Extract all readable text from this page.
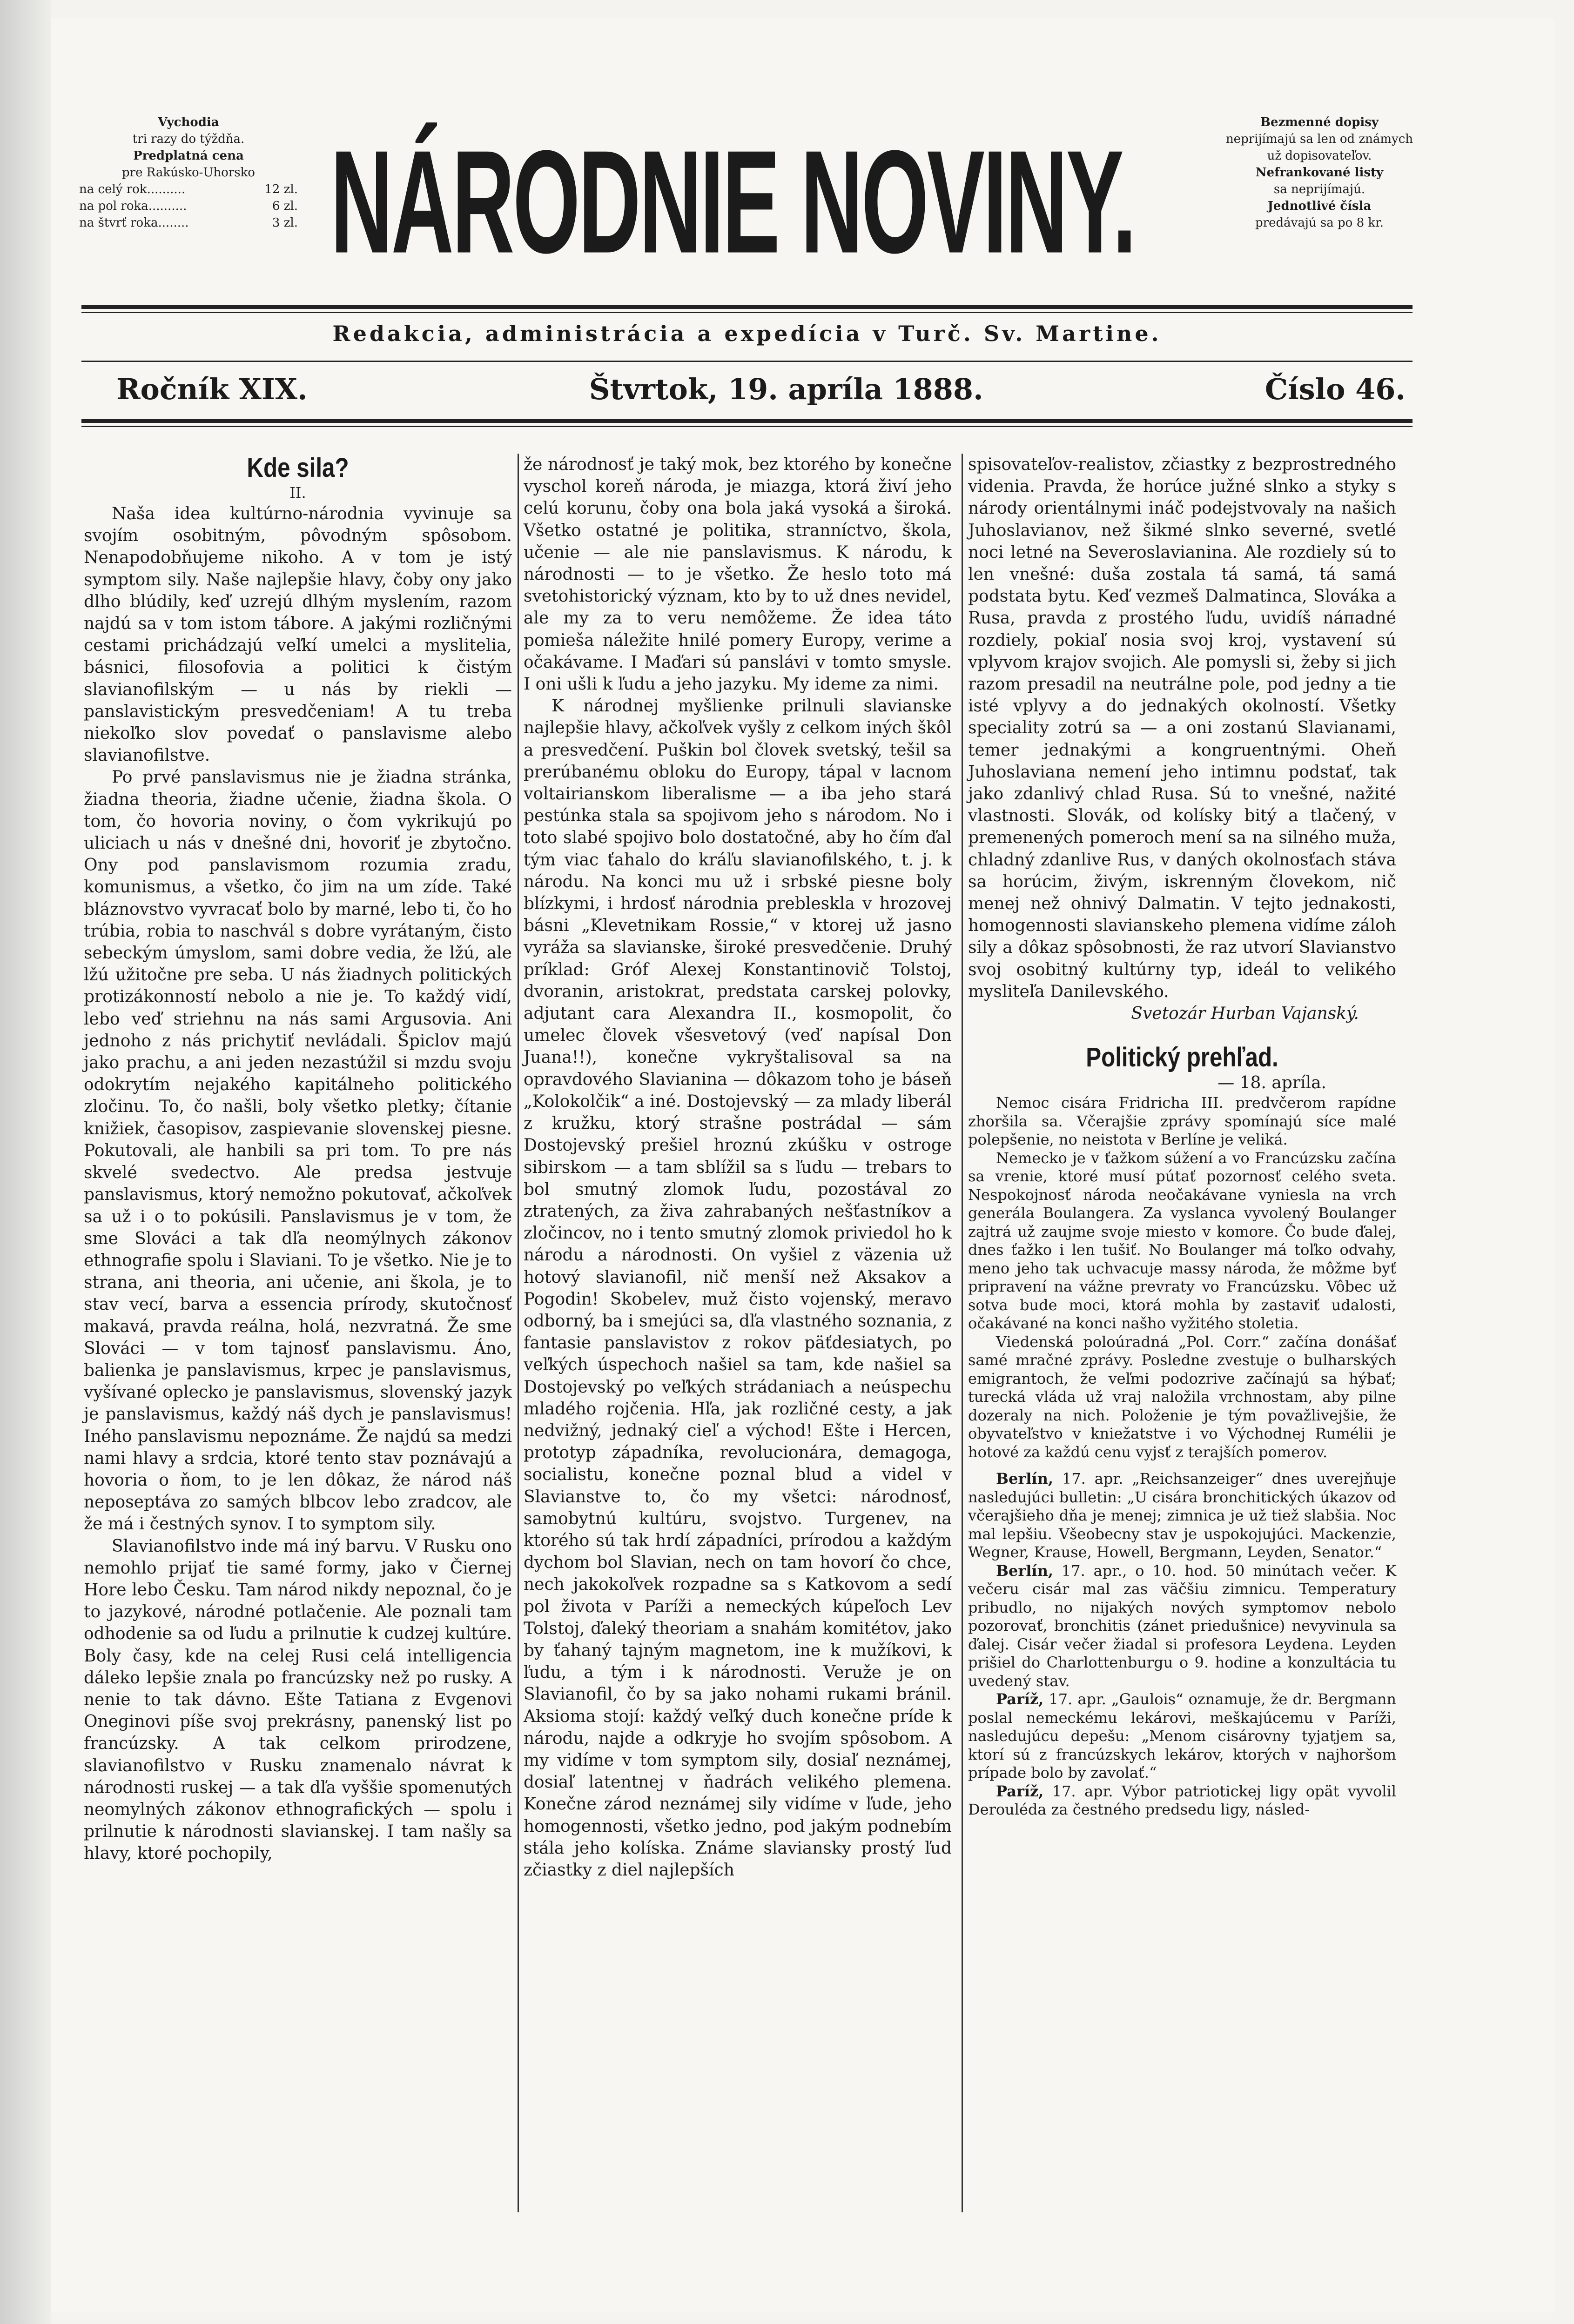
Vychodia
tri razy do týždňa.
Predplatná cena
pre Rakúsko-Uhorsko
na celý rok..........	12 zl.
na pol roka..........	6 zl.
na štvrť roka........	3 zl. NÁRODNIE NOVINY.	Bezmenné dopisy
neprijímajú sa len od známych
už dopisovateľov.
Nefrankované listy
sa neprijímajú.
Jednotlivé čísla
predávajú sa po 8 kr.
Redakcia, administrácia a expedícia v Turč. Sv. Martine.
Ročník XIX.	Štvrtok, 19. apríla 1888.	Číslo 46.
Kde sila?
II.

Naša idea kultúrno-národnia vyvinuje sa svojím osobitným, pôvodným spôsobom. Nenapodobňujeme nikoho. A v tom je istý symptom sily. Naše najlepšie hlavy, čoby ony jako dlho blúdily, keď uzrejú dlhým myslením, razom najdú sa v tom istom tábore. A jakými rozličnými cestami prichádzajú veľkí umelci a myslitelia, básnici, filosofovia a politici k čistým slavianofilským — u nás by riekli — panslavistickým presvedčeniam! A tu treba niekoľko slov povedať o panslavisme alebo slavianofilstve.

Po prvé panslavismus nie je žiadna stránka, žiadna theoria, žiadne učenie, žiadna škola. O tom, čo hovoria noviny, o čom vykrikujú po uliciach u nás v dnešné dni, hovoriť je zbytočno. Ony pod panslavismom rozumia zradu, komunismus, a všetko, čo jim na um zíde. Také bláznovstvo vyvracať bolo by marné, lebo ti, čo ho trúbia, robia to naschvál s dobre vyrátaným, čisto sebeckým úmyslom, sami dobre vedia, že lžú, ale lžú užitočne pre seba. U nás žiadnych politických protizákonností nebolo a nie je. To každý vidí, lebo veď striehnu na nás sami Argusovia. Ani jednoho z nás prichytiť nevládali. Špiclov majú jako prachu, a ani jeden nezastúžil si mzdu svoju odokrytím nejakého kapitálneho politického zločinu. To, čo našli, boly všetko pletky; čítanie knižiek, časopisov, zaspievanie slovenskej piesne. Pokutovali, ale hanbili sa pri tom. To pre nás skvelé svedectvo. Ale predsa jestvuje panslavismus, ktorý nemožno pokutovať, ačkoľvek sa už i o to pokúsili. Panslavismus je v tom, že sme Slováci a tak dľa neomýlnych zákonov ethnografie spolu i Slaviani. To je všetko. Nie je to strana, ani theoria, ani učenie, ani škola, je to stav vecí, barva a essencia prírody, skutočnosť makavá, pravda reálna, holá, nezvratná. Že sme Slováci — v tom tajnosť panslavismu. Áno, balienka je panslavismus, krpec je panslavismus, vyšívané oplecko je panslavismus, slovenský jazyk je panslavismus, každý náš dych je panslavismus! Iného panslavismu nepoznáme. Že najdú sa medzi nami hlavy a srdcia, ktoré tento stav poznávajú a hovoria o ňom, to je len dôkaz, že národ náš neposeptáva zo samých blbcov lebo zradcov, ale že má i čestných synov. I to symptom sily.

Slavianofilstvo inde má iný barvu. V Rusku ono nemohlo prijať tie samé formy, jako v Čiernej Hore lebo Česku. Tam národ nikdy nepoznal, čo je to jazykové, národné potlačenie. Ale poznali tam odhodenie sa od ľudu a prilnutie k cudzej kultúre. Boly časy, kde na celej Rusi celá intelligencia dáleko lepšie znala po francúzsky než po rusky. A nenie to tak dávno. Ešte Tatiana z Evgenovi Oneginovi píše svoj prekrásny, panenský list po francúzsky. A tak celkom prirodzene, slavianofilstvo v Rusku znamenalo návrat k národnosti ruskej — a tak dľa vyššie spomenutých neomylných zákonov ethnografických — spolu i prilnutie k národnosti slavianskej. I tam našly sa hlavy, ktoré pochopily,

že národnosť je taký mok, bez ktorého by konečne vyschol koreň národa, je miazga, ktorá živí jeho celú korunu, čoby ona bola jaká vysoká a široká. Všetko ostatné je politika, stranníctvo, škola, učenie — ale nie panslavismus. K národu, k národnosti — to je všetko. Že heslo toto má svetohistorický význam, kto by to už dnes nevidel, ale my za to veru nemôžeme. Že idea táto pomiešа náležite hnilé pomery Europy, verime a očakávame. I Maďari sú panslávi v tomto smysle. I oni ušli k ľudu a jeho jazyku. My ideme za nimi.

K národnej myšlienke prilnuli slavianske najlepšie hlavy, ačkoľvek vyšly z celkom iných škôl a presvedčení. Puškin bol človek svetský, tešil sa prerúbanému obloku do Europy, tápal v lacnom voltairianskom liberalisme — a iba jeho stará pestúnka stala sa spojivom jeho s národom. No i toto slabé spojivo bolo dostatočné, aby ho čím ďal tým viac ťahalo do kráľu slavianofilského, t. j. k národu. Na konci mu už i srbské piesne boly blízkymi, i hrdosť národnia prebleskla v hrozovej básni „Klevetnikam Rossie,“ v ktorej už jasno vyráža sa slavianske, široké presvedčenie. Druhý príklad: Gróf Alexej Konstantinovič Tolstoj, dvoranin, aristokrat, predstata carskej polovky, adjutant cara Alexandra II., kosmopolit, čo umelec človek všesvetový (veď napísal Don Juana!!), konečne vykryštalisoval sa na opravdového Slavianina — dôkazom toho je báseň „Kolokolčik“ a iné. Dostojevský — za mlady liberál z kružku, ktorý strašne postrádal — sám Dostojevský prešiel hroznú zkúšku v ostroge sibirskom — a tam sblížil sa s ľudu — trebars to bol smutný zlomok ľudu, pozostával zo ztratených, za živa zahrabaných nešťastníkov a zločincov, no i tento smutný zlomok priviedol ho k národu a národnosti. On vyšiel z väzenia už hotový slavianofil, nič menší než Aksakov a Pogodin! Skobelev, muž čisto vojenský, meravo odborný, ba i smejúci sa, dľa vlastného soznania, z fantasie panslavistov z rokov päťdesiatych, po veľkých úspechoch našiel sa tam, kde našiel sa Dostojevský po veľkých strádaniach a neúspechu mladého rojčenia. Hľa, jak rozličné cesty, a jak nedvižný, jednaký cieľ a východ! Ešte i Hercen, prototyp západníka, revolucionára, demagoga, socialistu, konečne poznal blud a videl v Slavianstve to, čo my všetci: národnosť, samobytnú kultúru, svojstvo. Turgenev, na ktorého sú tak hrdí západníci, prírodou a každým dychom bol Slavian, nech on tam hovorí čo chce, nech jakokoľvek rozpadne sa s Katkovom a sedí pol života v Paríži a nemeckých kúpeľoch Lev Tolstoj, ďaleký theoriam a snahám komitétov, jako by ťahaný tajným magnetom, ine k mužíkovi, k ľudu, a tým i k národnosti. Veruže je on Slavianofil, čo by sa jako nohami rukami bránil. Aksioma stojí: každý veľký duch konečne príde k národu, najde a odkryje ho svojím spôsobom. A my vidíme v tom symptom sily, dosiaľ neznámej, dosiaľ latentnej v ňadrách velikého plemena. Konečne zárod neznámej sily vidíme v ľude, jeho homogennosti, všetko jedno, pod jakým podnebím stála jeho kolíska. Známe slaviansky prostý ľud zčiastky z diel najlepších

spisovateľov-realistov, zčiastky z bezprostredného videnia. Pravda, že horúce južné slnko a styky s národy orientálnymi ináč podejstvovaly na našich Juhoslavianov, než šikmé slnko severné, svetlé noci letné na Severoslavianina. Ale rozdiely sú to len vnešné: duša zostala tá samá, tá samá podstata bytu. Keď vezmeš Dalmatinca, Slováka a Rusa, pravda z prostého ľudu, uvidíš náпadné rozdiely, pokiaľ nosia svoj kroj, vystavení sú vplyvom krajov svojich. Ale pomysli si, žeby si jich razom presadil na neutrálne pole, pod jedny a tie isté vplyvy a do jednakých okolností. Všetky speciality zotrú sa — a oni zostanú Slavianami, temer jednakými a kongruentnými. Oheň Juhoslaviana nemení jeho intimnu podstať, tak jako zdanlivý chlad Rusa. Sú to vnešné, nažité vlastnosti. Slovák, od kolísky bitý a tlačený, v premenených pomeroch mení sa na silného muža, chladný zdanlive Rus, v daných okolnosťach stáva sa horúcim, živým, iskrenným človekom, nič menej než ohnivý Dalmatin. V tejto jednakosti, homogennosti slavianskeho plemena vidíme záloh sily a dôkaz spôsobnosti, že raz utvorí Slavianstvo svoj osobitný kultúrny typ, ideál to velikého mysliteľa Danilevského.

Svetozár Hurban Vajanský.
Politický prehľad.
— 18. apríla.

Nemoc cisára Fridricha III. predvčerom rapídne zhoršila sa. Včerajšie zprávy spomínajú síce malé polepšenie, no neistota v Berlíne je veliká.

Nemecko je v ťažkom súžení a vo Francúzsku začína sa vrenie, ktoré musí pútať pozornosť celého sveta. Nespokojnosť národa neočakávane vyniesla na vrch generála Boulangera. Za vyslanca vyvolený Boulanger zajtrá už zaujme svoje miesto v komore. Čo bude ďalej, dnes ťažko i len tušiť. No Boulanger má toľko odvahy, meno jeho tak uchvacuje massy národa, že môžme byť pripravení na vážne prevraty vo Francúzsku. Vôbec už sotva bude moci, ktorá mohla by zastaviť udalosti, očakávané na konci našho vyžitého stoletia.

Viedenská poloúradná „Pol. Corr.“ začína donášať samé mračné zprávy. Posledne zvestuje o bulharských emigrantoch, že veľmi podozrive začínajú sa hýbať; turecká vláda už vraj naložila vrchnostam, aby pilne dozeraly na nich. Položenie je tým považlivejšie, že obyvateľstvo v kniežatstve i vo Východnej Rumélii je hotové za každú cenu vyjsť z terajších pomerov.

Berlín, 17. apr. „Reichsanzeiger“ dnes uverejňuje nasledujúci bulletin: „U cisára bronchitických úkazov od včerajšieho dňa je menej; zimnica je už tiež slabšia. Noc mal lepšiu. Všeobecny stav je uspokojujúci. Mackenzie, Wegner, Krause, Howell, Bergmann, Leyden, Senator.“

Berlín, 17. apr., o 10. hod. 50 minútach večer. K večeru cisár mal zas väčšiu zimnicu. Temperatury pribudlo, no nijakých nových symptomov nebolo pozorovať, bronchitis (zánet priedušnice) nevyvinula sa ďalej. Cisár večer žiadal si profesora Leydena. Leyden prišiel do Charlottenburgu o 9. hodine a konzultácia tu uvedený stav.

Paríž, 17. apr. „Gaulois“ oznamuje, že dr. Bergmann poslal nemeckému lekárovi, meškajúcemu v Paríži, nasledujúcu depešu: „Menom cisárovny tyjatjem sa, ktorí sú z francúzskych lekárov, ktorých v najhoršom prípade bolo by zavolať.“

Paríž, 17. apr. Výbor patriotickej ligy opät vyvolil Derouléda za čestného predsedu ligy, násled-
